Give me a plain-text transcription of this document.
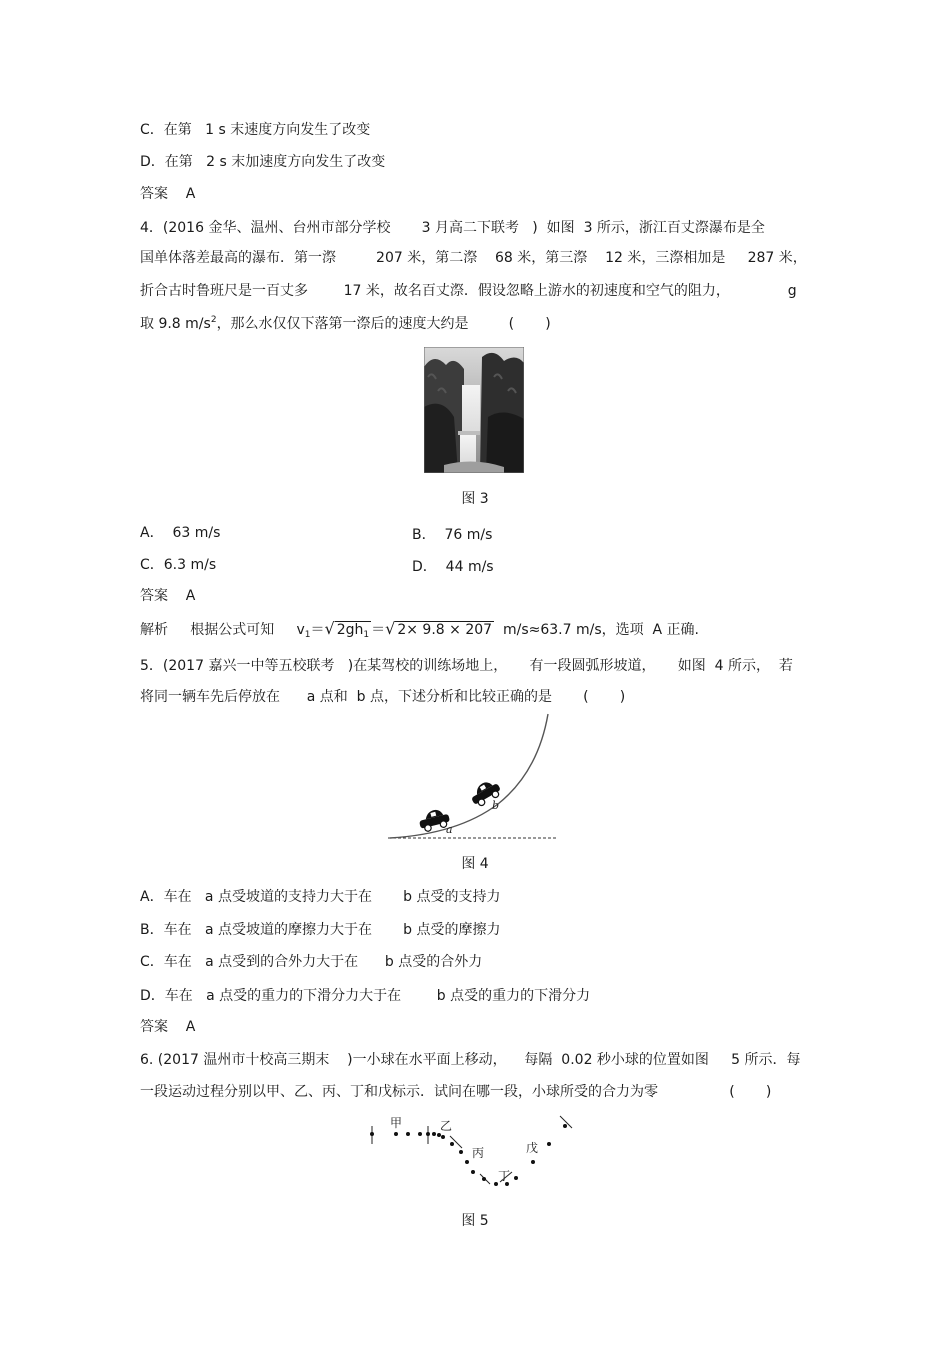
C．在第   1 s 末速度方向发生了改变
D．在第   2 s 末加速度方向发生了改变
答案    A
4．(2016 金华、温州、台州市部分学校       3 月高二下联考   )  如图  3 所示，浙江百丈漈瀑布是全
国单体落差最高的瀑布．第一漈         207 米，第二漈    68 米，第三漈    12 米，三漈相加是     287 米，
折合古时鲁班尺是一百丈多        17 米，故名百丈漈．假设忽略上游水的初速度和空气的阻力，             g
取 9.8 $m/s^2$，那么水仅仅下落第一漈后的速度大约是         (       )
图 3
A．  63 m/s	B．  76 m/s
C．6.3 m/s	D．  44 m/s
答案    A
解析     根据公式可知     $v_1=√$ $2gh_1$ ＝√ 2× 9.8 × 207  m/s≈63.7 m/s，选项  A 正确.
5．(2017 嘉兴一中等五校联考   )在某驾校的训练场地上，     有一段圆弧形坡道，     如图  4 所示，  若
将同一辆车先后停放在      a 点和  b 点，下述分析和比较正确的是       (       )
a
b
图 4
A．车在   a 点受坡道的支持力大于在       b 点受的支持力
B．车在   a 点受坡道的摩擦力大于在       b 点受的摩擦力
C．车在   a 点受到的合外力大于在      b 点受的合外力
D．车在   a 点受的重力的下滑分力大于在        b 点受的重力的下滑分力
答案    A
6. (2017 温州市十校高三期末    )一小球在水平面上移动，    每隔  0.02 秒小球的位置如图     5 所示．每
一段运动过程分别以甲、乙、丙、丁和戊标示．试问在哪一段，小球所受的合力为零                (       )
甲	乙
丙
丁
戊
图 5
